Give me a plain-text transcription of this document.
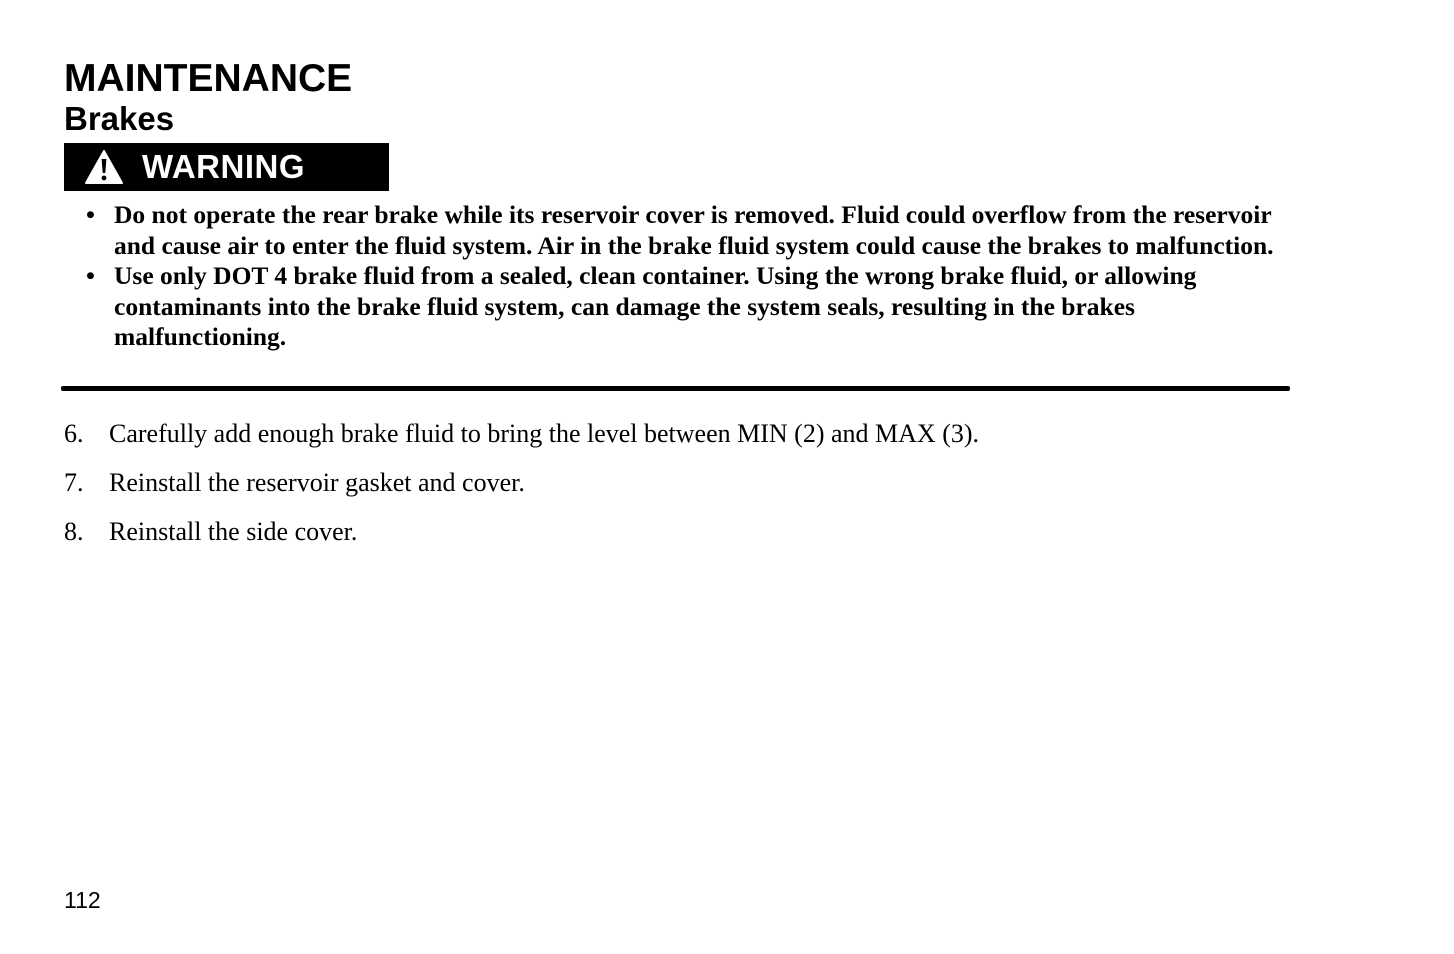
MAINTENANCE
Brakes
WARNING
• Do not operate the rear brake while its reservoir cover is removed. Fluid could overflow from the reservoir and cause air to enter the fluid system. Air in the brake fluid system could cause the brakes to malfunction.
• Use only DOT 4 brake fluid from a sealed, clean container. Using the wrong brake fluid, or allowing contaminants into the brake fluid system, can damage the system seals, resulting in the brakes malfunctioning.
6. Carefully add enough brake fluid to bring the level between MIN (2) and MAX (3).
7. Reinstall the reservoir gasket and cover.
8. Reinstall the side cover.
112
